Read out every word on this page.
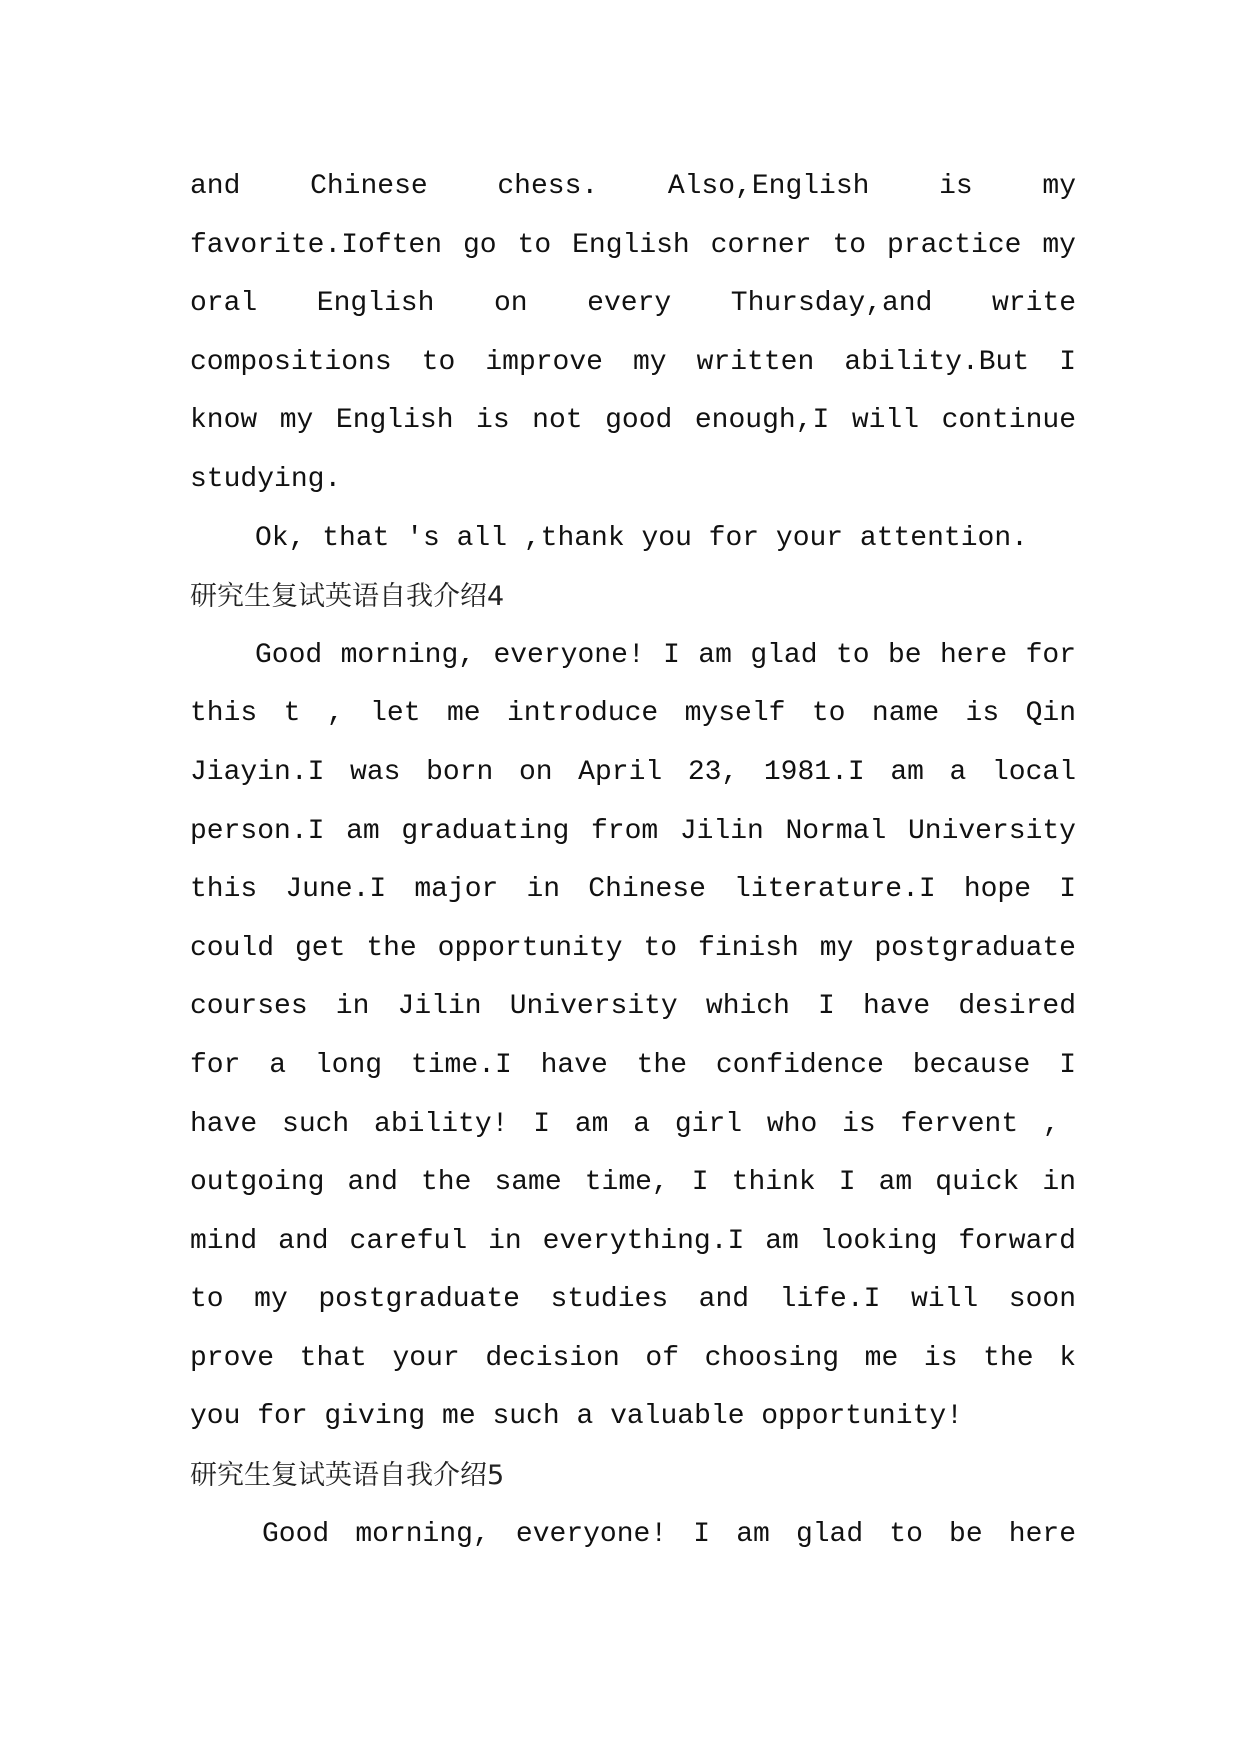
and Chinese chess. Also,English is my
favorite.Ioften go to English corner to practice my
oral English on every Thursday,and write
compositions to improve my written ability.But I
know my English is not good enough,I will continue
studying.
Ok, that 's all ,thank you for your attention.
研究生复试英语自我介绍4
Good morning, everyone! I am glad to be here for
this t , let me introduce myself to name is Qin
Jiayin.I was born on April 23, 1981.I am a local
person.I am graduating from Jilin Normal University
this June.I major in Chinese literature.I hope I
could get the opportunity to finish my postgraduate
courses in Jilin University which I have desired
for a long time.I have the confidence because I
have such ability! I am a girl who is fervent ,
outgoing and the same time, I think I am quick in
mind and careful in everything.I am looking forward
to my postgraduate studies and life.I will soon
prove that your decision of choosing me is the k
you for giving me such a valuable opportunity!
研究生复试英语自我介绍5
Good morning, everyone! I am glad to be here
